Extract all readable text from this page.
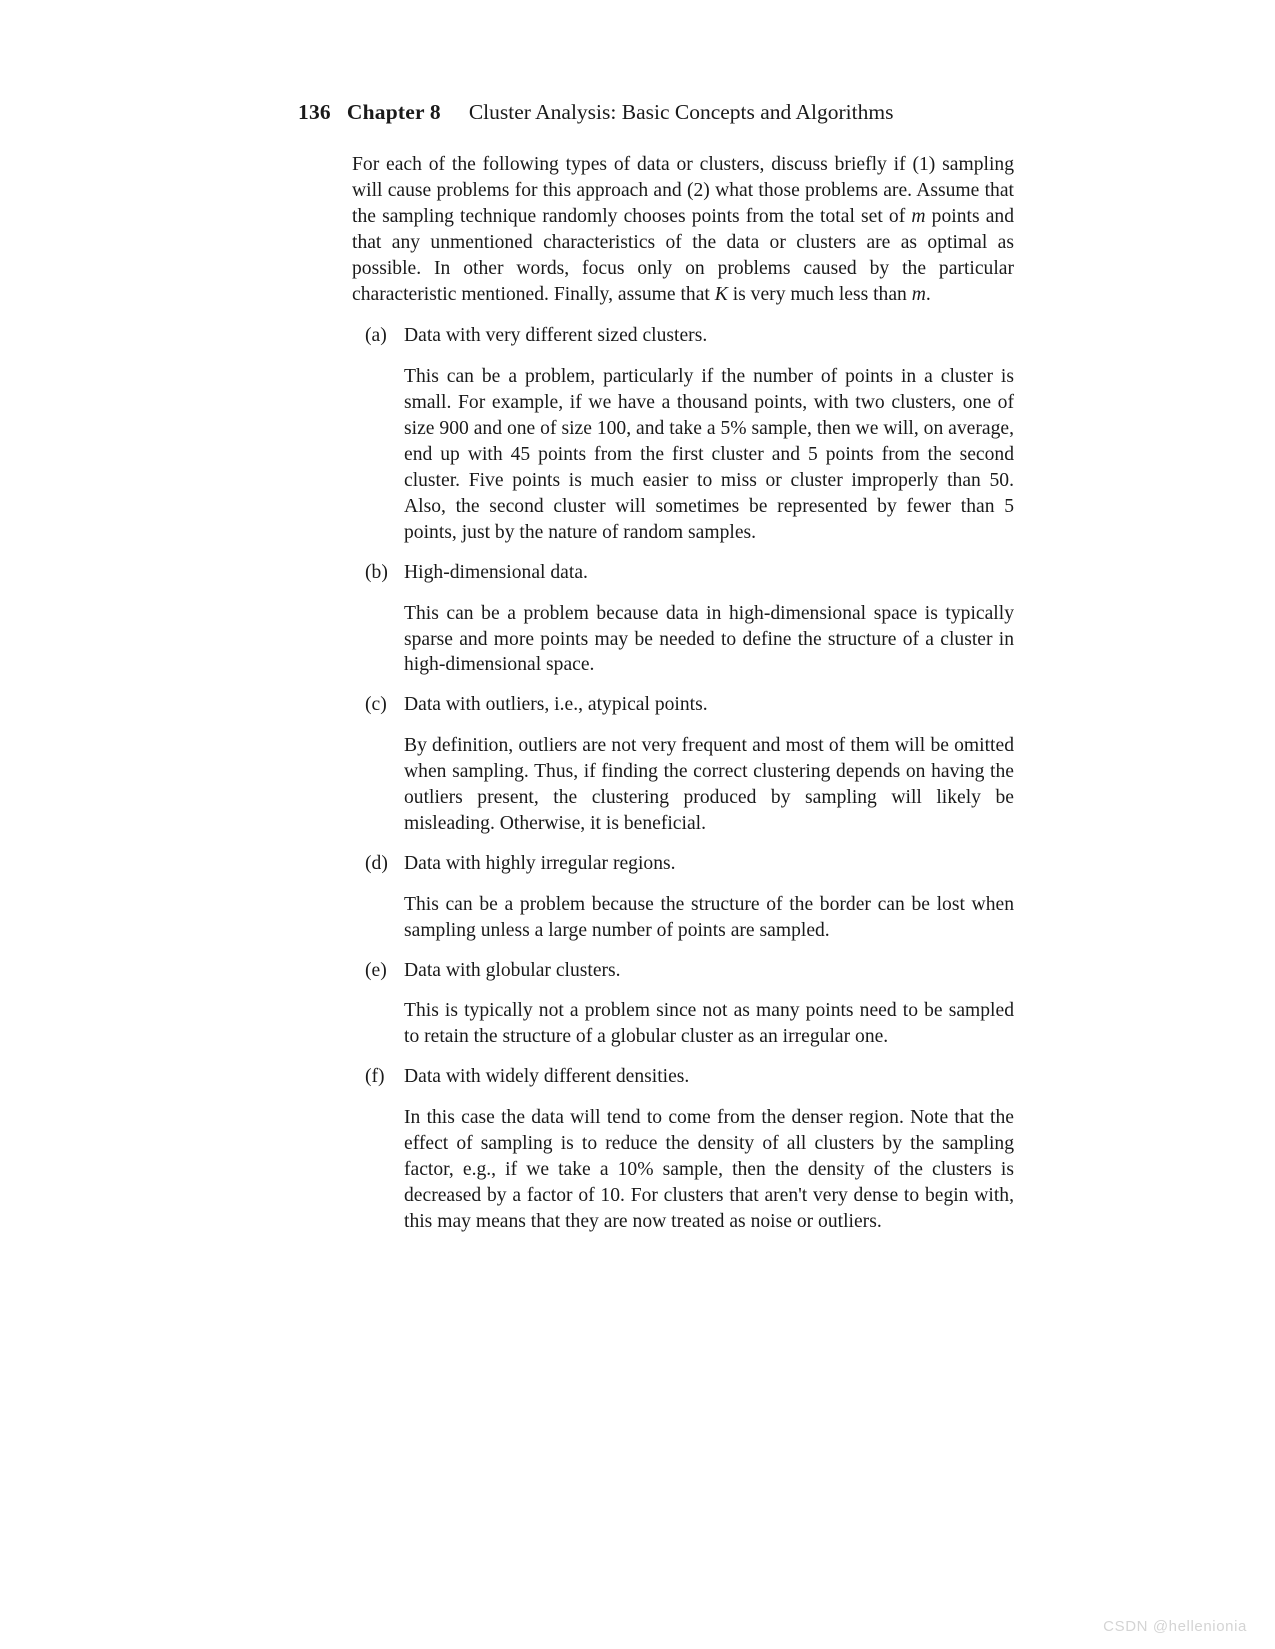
136 Chapter 8 Cluster Analysis: Basic Concepts and Algorithms

For each of the following types of data or clusters, discuss briefly if (1) sampling will cause problems for this approach and (2) what those problems are. Assume that the sampling technique randomly chooses points from the total set of m points and that any unmentioned characteristics of the data or clusters are as optimal as possible. In other words, focus only on problems caused by the particular characteristic mentioned. Finally, assume that K is very much less than m.

(a) Data with very different sized clusters.

This can be a problem, particularly if the number of points in a cluster is small. For example, if we have a thousand points, with two clusters, one of size 900 and one of size 100, and take a 5% sample, then we will, on average, end up with 45 points from the first cluster and 5 points from the second cluster. Five points is much easier to miss or cluster improperly than 50. Also, the second cluster will sometimes be represented by fewer than 5 points, just by the nature of random samples.

(b) High-dimensional data.

This can be a problem because data in high-dimensional space is typically sparse and more points may be needed to define the structure of a cluster in high-dimensional space.

(c) Data with outliers, i.e., atypical points.

By definition, outliers are not very frequent and most of them will be omitted when sampling. Thus, if finding the correct clustering depends on having the outliers present, the clustering produced by sampling will likely be misleading. Otherwise, it is beneficial.

(d) Data with highly irregular regions.

This can be a problem because the structure of the border can be lost when sampling unless a large number of points are sampled.

(e) Data with globular clusters.

This is typically not a problem since not as many points need to be sampled to retain the structure of a globular cluster as an irregular one.

(f) Data with widely different densities.

In this case the data will tend to come from the denser region. Note that the effect of sampling is to reduce the density of all clusters by the sampling factor, e.g., if we take a 10% sample, then the density of the clusters is decreased by a factor of 10. For clusters that aren't very dense to begin with, this may means that they are now treated as noise or outliers.

CSDN @hellenionia
